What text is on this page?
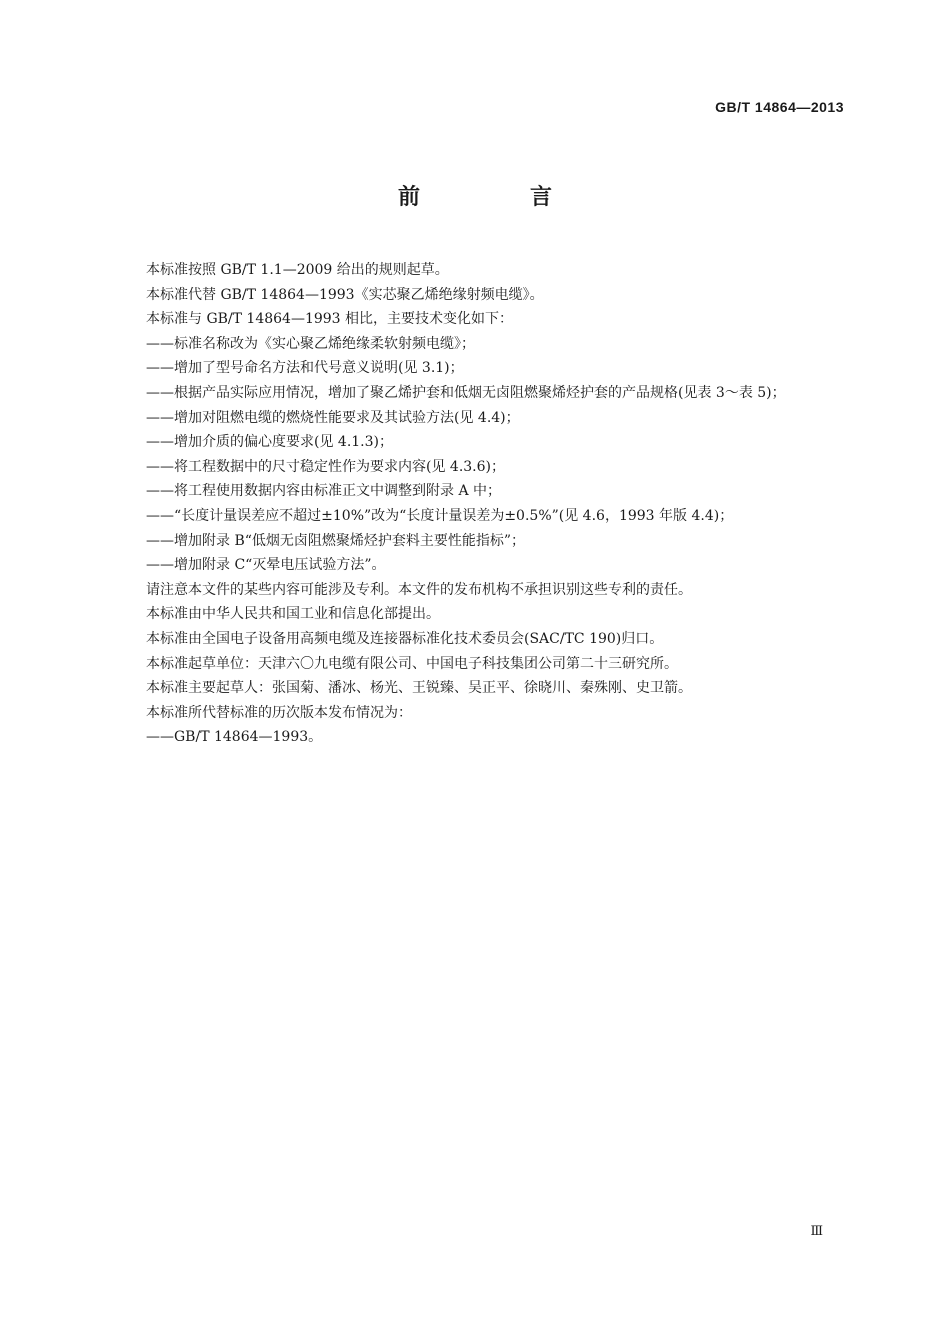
GB/T 14864—2013
前　言

本标准按照 GB/T 1.1—2009 给出的规则起草。

本标准代替 GB/T 14864—1993《实芯聚乙烯绝缘射频电缆》。

本标准与 GB/T 14864—1993 相比，主要技术变化如下：

——标准名称改为《实心聚乙烯绝缘柔软射频电缆》；

——增加了型号命名方法和代号意义说明(见 3.1)；

——根据产品实际应用情况，增加了聚乙烯护套和低烟无卤阻燃聚烯烃护套的产品规格(见表 3～表 5)；

——增加对阻燃电缆的燃烧性能要求及其试验方法(见 4.4)；

——增加介质的偏心度要求(见 4.1.3)；

——将工程数据中的尺寸稳定性作为要求内容(见 4.3.6)；

——将工程使用数据内容由标准正文中调整到附录 A 中；

——“长度计量误差应不超过±10%”改为“长度计量误差为±0.5%”(见 4.6，1993 年版 4.4)；

——增加附录 B“低烟无卤阻燃聚烯烃护套料主要性能指标”；

——增加附录 C“灭晕电压试验方法”。

请注意本文件的某些内容可能涉及专利。本文件的发布机构不承担识别这些专利的责任。

本标准由中华人民共和国工业和信息化部提出。

本标准由全国电子设备用高频电缆及连接器标准化技术委员会(SAC/TC 190)归口。

本标准起草单位：天津六〇九电缆有限公司、中国电子科技集团公司第二十三研究所。

本标准主要起草人：张国菊、潘冰、杨光、王锐臻、吴正平、徐晓川、秦殊刚、史卫箭。

本标准所代替标准的历次版本发布情况为：

——GB/T 14864—1993。

Ⅲ
